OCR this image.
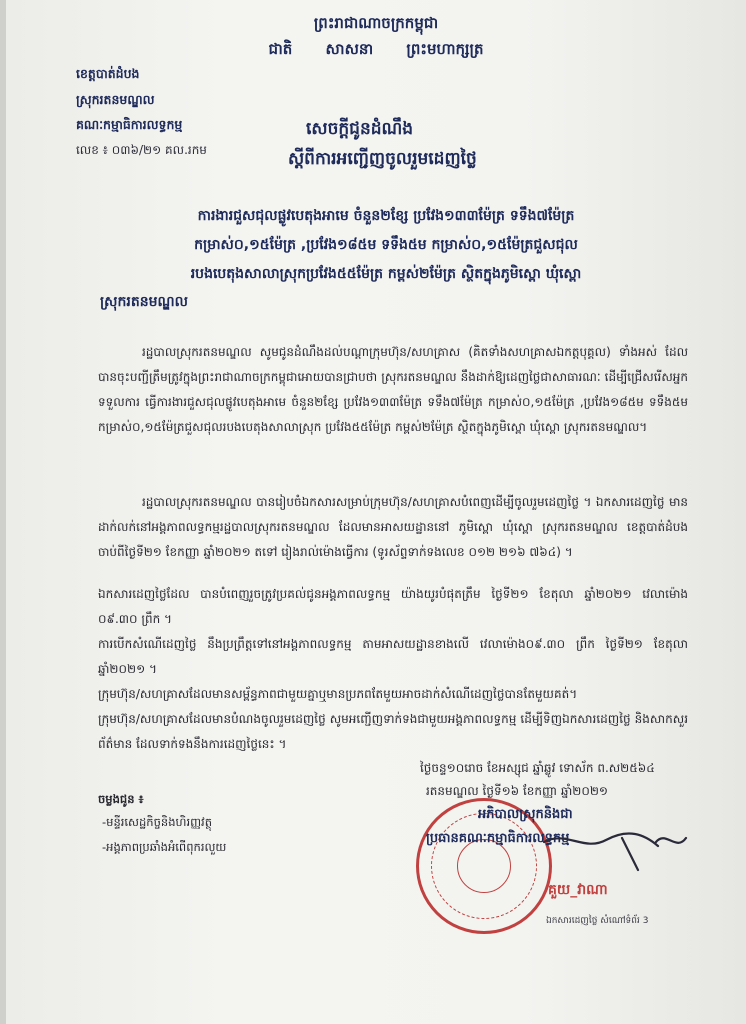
ព្រះរាជាណាចក្រកម្ពុជា
ជាតិ សាសនា ព្រះមហាក្សត្រ
ខេត្តបាត់ដំបង
ស្រុករតនមណ្ឌល
គណៈកម្មាធិការលទ្ធកម្ម
លេខ ៖ ០៣៦/២១ គល.រកម
សេចក្តីជូនដំណឹង
ស្តីពីការអញ្ជើញចូលរួមដេញថ្លៃ
ការងារជួសជុលផ្លូវបេតុងអាមេ ចំនួន២ខ្សែ ប្រវែង១៣៣ម៉ែត្រ ទទឹង៧ម៉ែត្រ
កម្រាស់០,១៥ម៉ែត្រ ,ប្រវែង១៨៥ម ទទឹង៥ម កម្រាស់០,១៥ម៉ែត្រជួសជុល
របងបេតុងសាលាស្រុកប្រវែង៥៥ម៉ែត្រ កម្ពស់២ម៉ែត្រ ស្ថិតក្នុងភូមិស្ពោ ឃុំស្ពោ
ស្រុករតនមណ្ឌល
រដ្ឋបាលស្រុករតនមណ្ឌល សូមជូនដំណឹងដល់បណ្តាក្រុមហ៊ុន/សហគ្រាស (គិតទាំងសហគ្រាសឯកត្តបុគ្គល) ទាំងអស់ ដែលបានចុះបញ្ជីត្រឹមត្រូវក្នុងព្រះរាជាណាចក្រកម្ពុជាអោយបានជ្រាបថា ស្រុករតនមណ្ឌល នឹងដាក់ឱ្យដេញថ្លៃជាសាធារណៈ ដើម្បីជ្រើសរើសអ្នកទទួលការ ធ្វើការងារជួសជុលផ្លូវបេតុងអាមេ ចំនួន២ខ្សែ ប្រវែង១៣៣ម៉ែត្រ ទទឹង៧ម៉ែត្រ កម្រាស់០,១៥ម៉ែត្រ ,ប្រវែង១៨៥ម ទទឹង៥ម កម្រាស់០,១៥ម៉ែត្រជួសជុលរបងបេតុងសាលាស្រុក ប្រវែង៥៥ម៉ែត្រ កម្ពស់២ម៉ែត្រ ស្ថិតក្នុងភូមិស្ពោ ឃុំស្ពោ ស្រុករតនមណ្ឌល។
រដ្ឋបាលស្រុករតនមណ្ឌល បានរៀបចំឯកសារសម្រាប់ក្រុមហ៊ុន/សហគ្រាសបំពេញដើម្បីចូលរួមដេញថ្លៃ ។ ឯកសារដេញថ្លៃ មានដាក់លក់នៅអង្គភាពលទ្ធកម្មរដ្ឋបាលស្រុករតនមណ្ឌល ដែលមានអាសយដ្ឋាននៅ ភូមិស្ពោ ឃុំស្ពោ ស្រុករតនមណ្ឌល ខេត្តបាត់ដំបង ចាប់ពីថ្ងៃទី២១ ខែកញ្ញា ឆ្នាំ២០២១ តទៅ រៀងរាល់ម៉ោងធ្វើការ (ទូរស័ព្ទទាក់ទងលេខ ០១២ ២១៦ ៧៦៤) ។
ឯកសារដេញថ្លៃដែល បានបំពេញរួចត្រូវប្រគល់ជូនអង្គភាពលទ្ធកម្ម យ៉ាងយូរបំផុតត្រឹម ថ្ងៃទី២១ ខែតុលា ឆ្នាំ២០២១ វេលាម៉ោង ០៩.៣០ ព្រឹក ។
ការបើកសំណើដេញថ្លៃ នឹងប្រព្រឹត្តទៅនៅអង្គភាពលទ្ធកម្ម តាមអាសយដ្ឋានខាងលើ វេលាម៉ោង០៩.៣០ ព្រឹក ថ្ងៃទី២១ ខែតុលា ឆ្នាំ២០២១ ។
ក្រុមហ៊ុន/សហគ្រាសដែលមានសម្ព័ន្ធភាពជាមួយគ្នាឬមានប្រភពតែមួយអាចដាក់សំណើដេញថ្លៃបានតែមួយគត់។
ក្រុមហ៊ុន/សហគ្រាសដែលមានបំណងចូលរួមដេញថ្លៃ សូមអញ្ជើញទាក់ទងជាមួយអង្គភាពលទ្ធកម្ម ដើម្បីទិញឯកសារដេញថ្លៃ និងសាកសួរព័ត៌មាន ដែលទាក់ទងនឹងការដេញថ្លៃនេះ ។
ថ្ងៃចន្ទ១០រោច ខែអស្សុជ ឆ្នាំឆ្លូវ ទោស័ក ព.ស២៥៦៤
រតនមណ្ឌល ថ្ងៃទី១៦ ខែកញ្ញា ឆ្នាំ២០២១
អភិបាលស្រុកនិងជា
ប្រធានគណៈកម្មាធិការលទ្ធកម្ម
គួយ_វាណា
ឯកសារដេញថ្លៃ សំណៅទំព័រ 3
ចម្លងជូន ៖
-មន្ទីរសេដ្ឋកិច្ចនិងហិរញ្ញវត្ថុ
-អង្គភាពប្រឆាំងអំពើពុករលួយ
